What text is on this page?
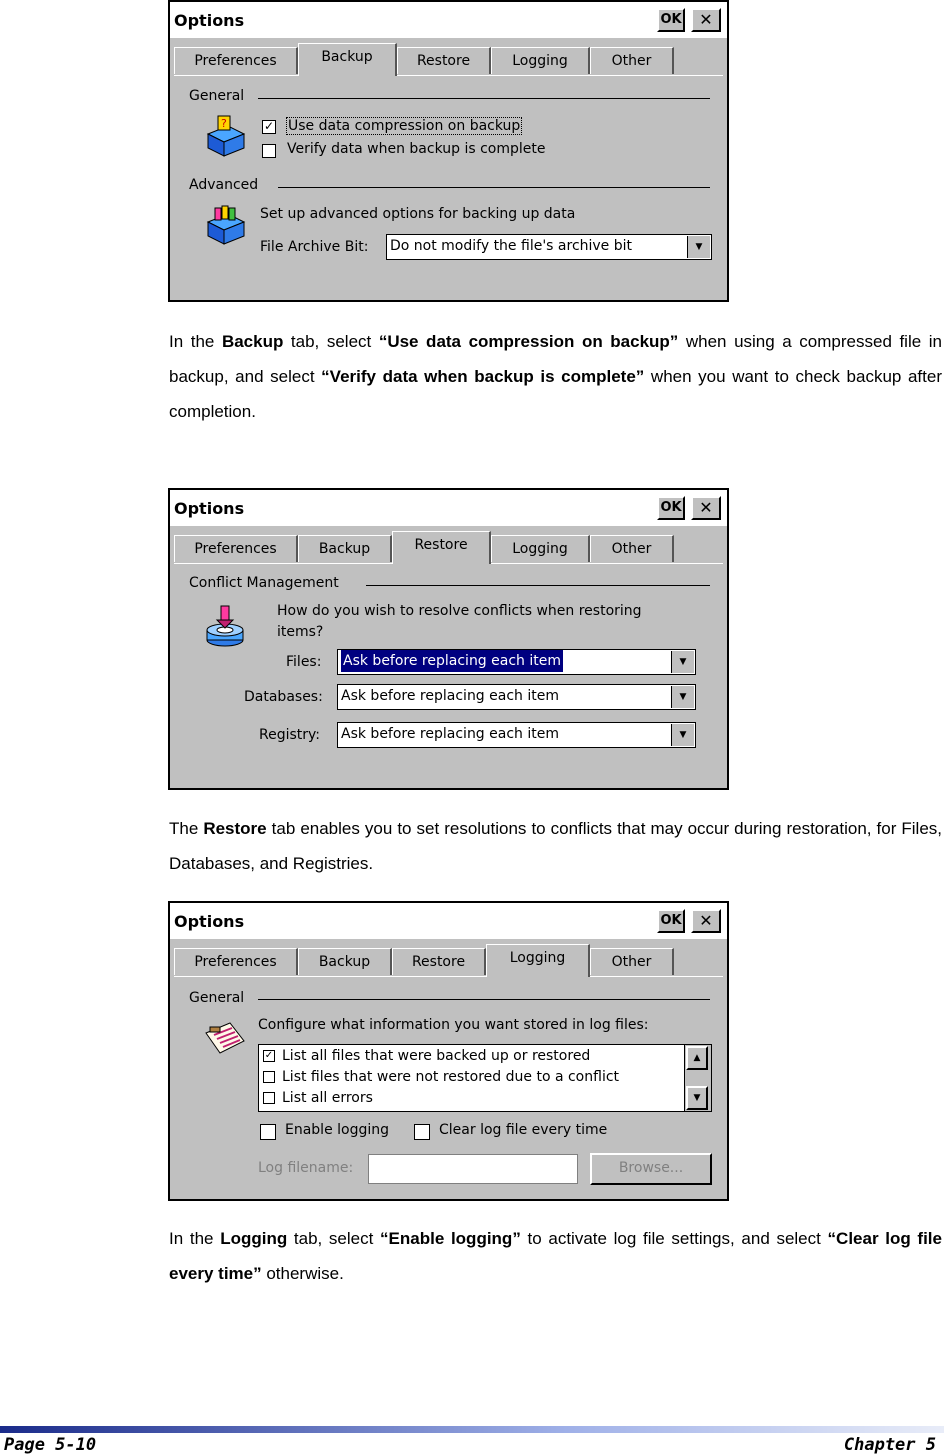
Options	OK	✕
Preferences	Backup	Restore	Logging	Other
General
?	✓ Use data compression on backup
Verify data when backup is complete
Advanced
Set up advanced options for backing up data
File Archive Bit: Do not modify the file's archive bit	▼
In the Backup tab, select “Use data compression on backup” when using a compressed file in backup, and select “Verify data when backup is complete” when you want to check backup after completion.
Options	OK	✕
Preferences	Backup	Restore	Logging	Other
Conflict Management
How do you wish to resolve conflicts when restoring
items?
Files:	Ask before replacing each item	▼
Databases: Ask before replacing each item	▼
Registry: Ask before replacing each item	▼
The Restore tab enables you to set resolutions to conflicts that may occur during restoration, for Files, Databases, and Registries.
Options	OK	✕
Preferences	Backup	Restore	Logging	Other
General
Configure what information you want stored in log files:
✓ List all files that were backed up or restored
List files that were not restored due to a conflict
List all errors
▲
▼
Enable logging	Clear log file every time
Log filename:	Browse...
In the Logging tab, select “Enable logging” to activate log file settings, and select “Clear log file every time” otherwise.
Page 5-10	Chapter 5
